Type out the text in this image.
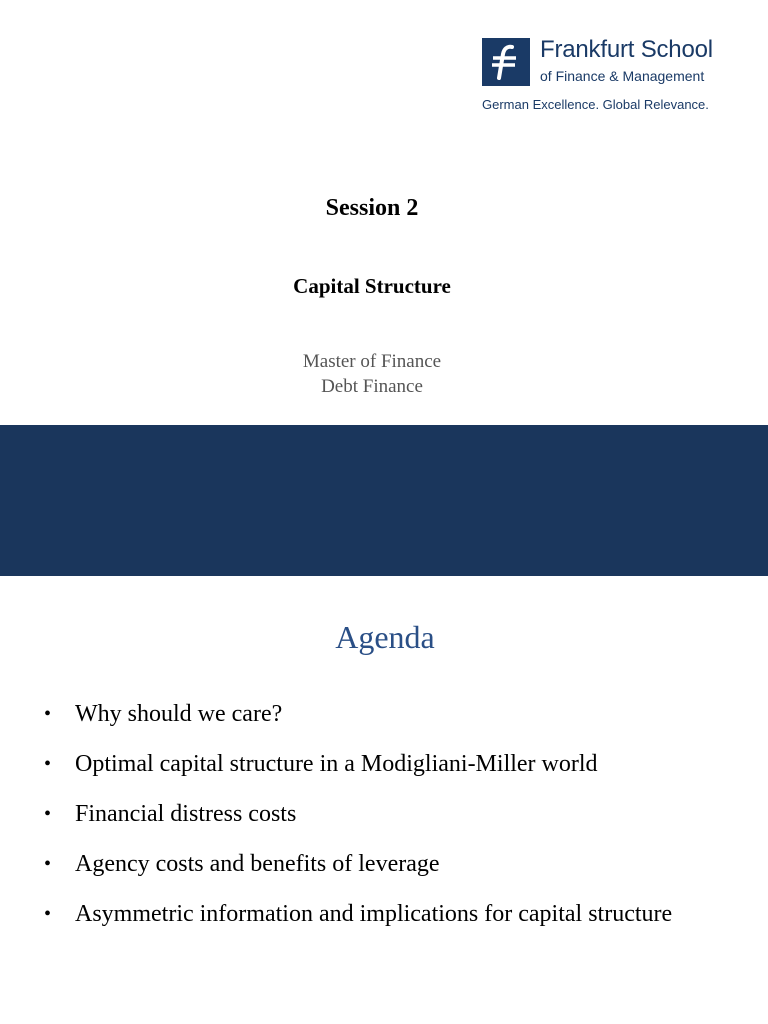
Frankfurt School
of Finance & Management
German Excellence. Global Relevance.
Session 2
Capital Structure
Master of Finance
Debt Finance
Agenda
• Why should we care?
• Optimal capital structure in a Modigliani-Miller world
• Financial distress costs
• Agency costs and benefits of leverage
• Asymmetric information and implications for capital structure
